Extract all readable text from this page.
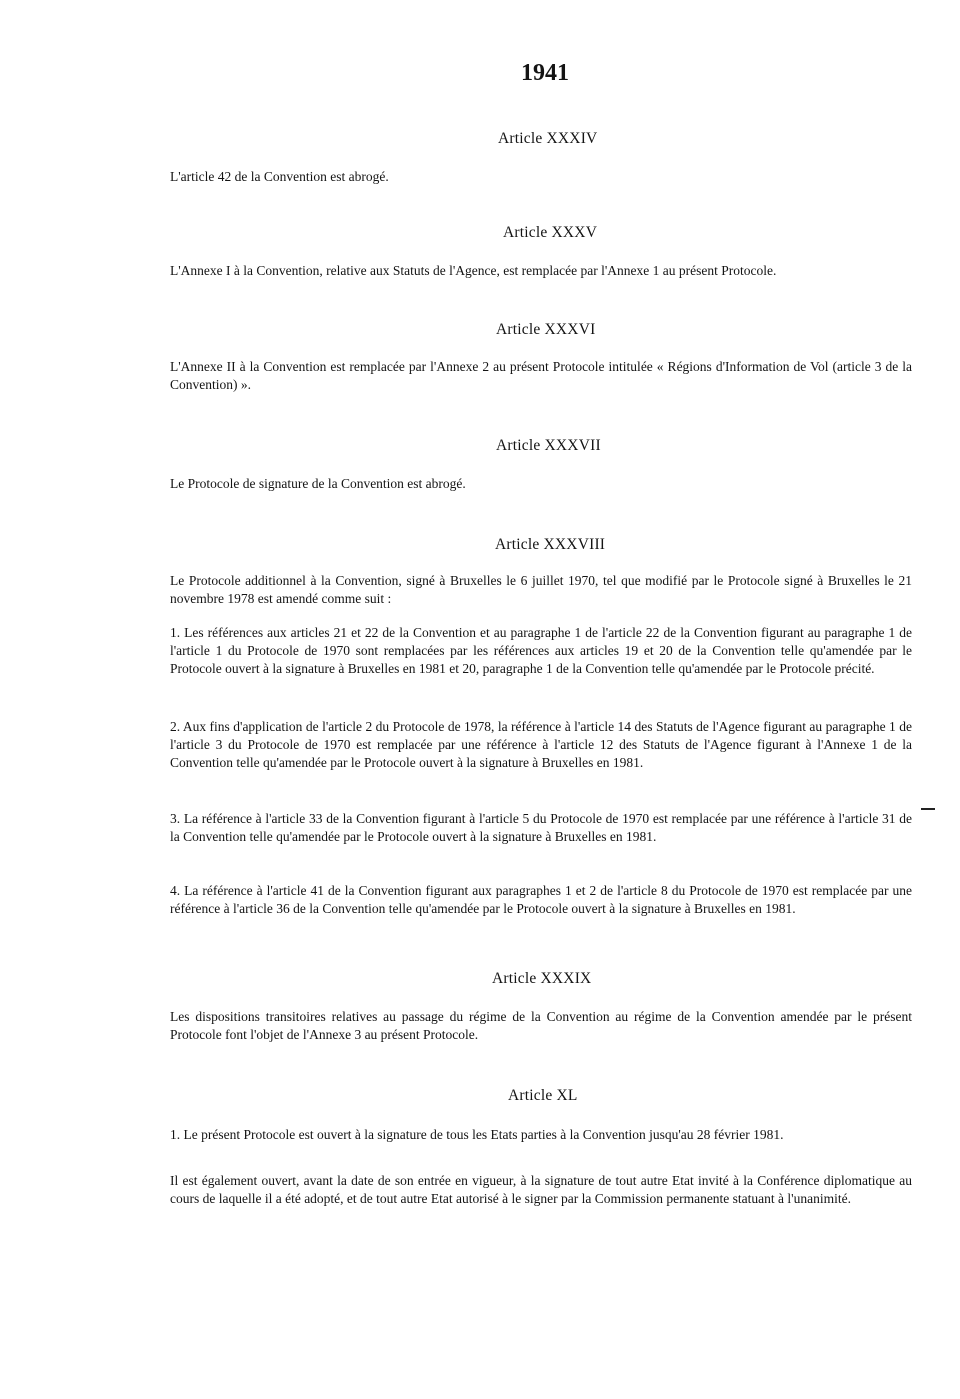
1941
Article XXXIV

L'article 42 de la Convention est abrogé.

Article XXXV

L'Annexe I à la Convention, relative aux Statuts de l'Agence, est remplacée par l'Annexe 1 au présent Protocole.

Article XXXVI

L'Annexe II à la Convention est remplacée par l'Annexe 2 au présent Protocole intitulée « Régions d'Information de Vol (article 3 de la Convention) ».

Article XXXVII

Le Protocole de signature de la Convention est abrogé.

Article XXXVIII

Le Protocole additionnel à la Convention, signé à Bruxelles le 6 juillet 1970, tel que modifié par le Protocole signé à Bruxelles le 21 novembre 1978 est amendé comme suit :

1. Les références aux articles 21 et 22 de la Convention et au paragraphe 1 de l'article 22 de la Convention figurant au paragraphe 1 de l'article 1 du Protocole de 1970 sont remplacées par les références aux articles 19 et 20 de la Convention telle qu'amendée par le Protocole ouvert à la signature à Bruxelles en 1981 et 20, paragraphe 1 de la Convention telle qu'amendée par le Protocole précité.

2. Aux fins d'application de l'article 2 du Protocole de 1978, la référence à l'article 14 des Statuts de l'Agence figurant au paragraphe 1 de l'article 3 du Protocole de 1970 est remplacée par une référence à l'article 12 des Statuts de l'Agence figurant à l'Annexe 1 de la Convention telle qu'amendée par le Protocole ouvert à la signature à Bruxelles en 1981.

3. La référence à l'article 33 de la Convention figurant à l'article 5 du Protocole de 1970 est remplacée par une référence à l'article 31 de la Convention telle qu'amendée par le Protocole ouvert à la signature à Bruxelles en 1981.

4. La référence à l'article 41 de la Convention figurant aux paragraphes 1 et 2 de l'article 8 du Protocole de 1970 est remplacée par une référence à l'article 36 de la Convention telle qu'amendée par le Protocole ouvert à la signature à Bruxelles en 1981.

Article XXXIX

Les dispositions transitoires relatives au passage du régime de la Convention au régime de la Convention amendée par le présent Protocole font l'objet de l'Annexe 3 au présent Protocole.

Article XL

1. Le présent Protocole est ouvert à la signature de tous les Etats parties à la Convention jusqu'au 28 février 1981.

Il est également ouvert, avant la date de son entrée en vigueur, à la signature de tout autre Etat invité à la Conférence diplomatique au cours de laquelle il a été adopté, et de tout autre Etat autorisé à le signer par la Commission permanente statuant à l'unanimité.
